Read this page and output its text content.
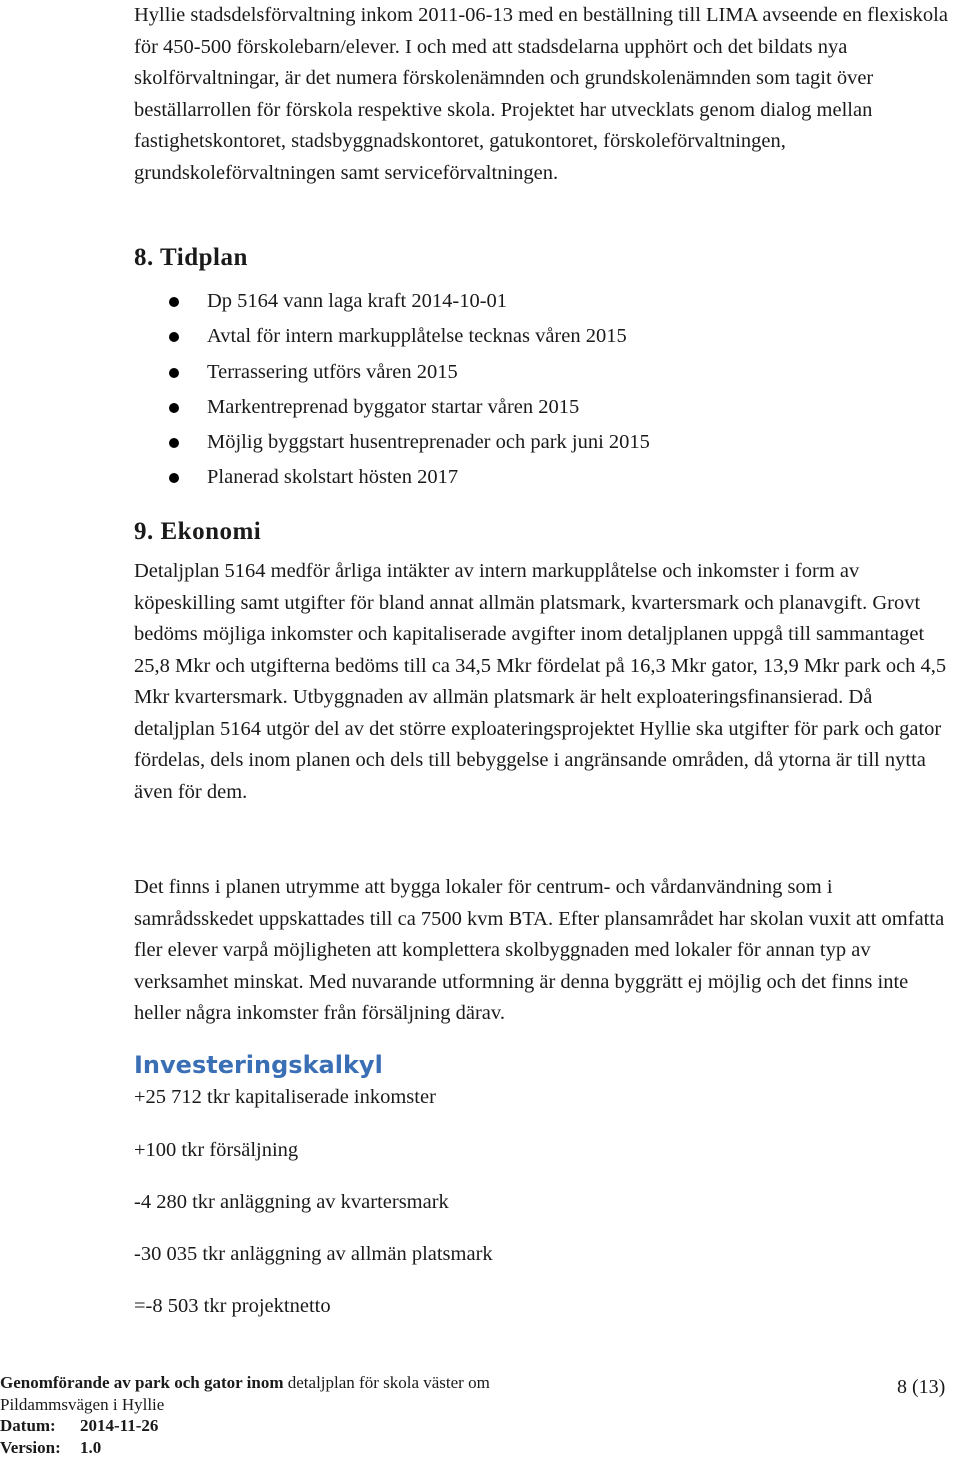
Hyllie stadsdelsförvaltning inkom 2011-06-13 med en beställning till LIMA avseende en flexiskola för 450-500 förskolebarn/elever. I och med att stadsdelarna upphört och det bildats nya skolförvaltningar, är det numera förskolenämnden och grundskolenämnden som tagit över beställarrollen för förskola respektive skola. Projektet har utvecklats genom dialog mellan fastighetskontoret, stadsbyggnadskontoret, gatukontoret, förskoleförvaltningen, grundskoleförvaltningen samt serviceförvaltningen.

8. Tidplan
Dp 5164 vann laga kraft 2014-10-01
Avtal för intern markupplåtelse tecknas våren 2015
Terrassering utförs våren 2015
Markentreprenad byggator startar våren 2015
Möjlig byggstart husentreprenader och park juni 2015
Planerad skolstart hösten 2017
9. Ekonomi

Detaljplan 5164 medför årliga intäkter av intern markupplåtelse och inkomster i form av köpeskilling samt utgifter för bland annat allmän platsmark, kvartersmark och planavgift. Grovt bedöms möjliga inkomster och kapitaliserade avgifter inom detaljplanen uppgå till sammantaget 25,8 Mkr och utgifterna bedöms till ca 34,5 Mkr fördelat på 16,3 Mkr gator, 13,9 Mkr park och 4,5 Mkr kvartersmark. Utbyggnaden av allmän platsmark är helt exploateringsfinansierad. Då detaljplan 5164 utgör del av det större exploateringsprojektet Hyllie ska utgifter för park och gator fördelas, dels inom planen och dels till bebyggelse i angränsande områden, då ytorna är till nytta även för dem.

Det finns i planen utrymme att bygga lokaler för centrum- och vårdanvändning som i samrådsskedet uppskattades till ca 7500 kvm BTA. Efter plansamrådet har skolan vuxit att omfatta fler elever varpå möjligheten att komplettera skolbyggnaden med lokaler för annan typ av verksamhet minskat. Med nuvarande utformning är denna byggrätt ej möjlig och det finns inte heller några inkomster från försäljning därav.

Investeringskalkyl

+25 712 tkr kapitaliserade inkomster

+100 tkr försäljning

-4 280 tkr anläggning av kvartersmark

-30 035 tkr anläggning av allmän platsmark

=-8 503 tkr projektnetto

Genomförande av park och gator inom detaljplan för skola väster om
Pildammsvägen i Hyllie
Datum: 2014-11-26
Version: 1.0
8 (13)
